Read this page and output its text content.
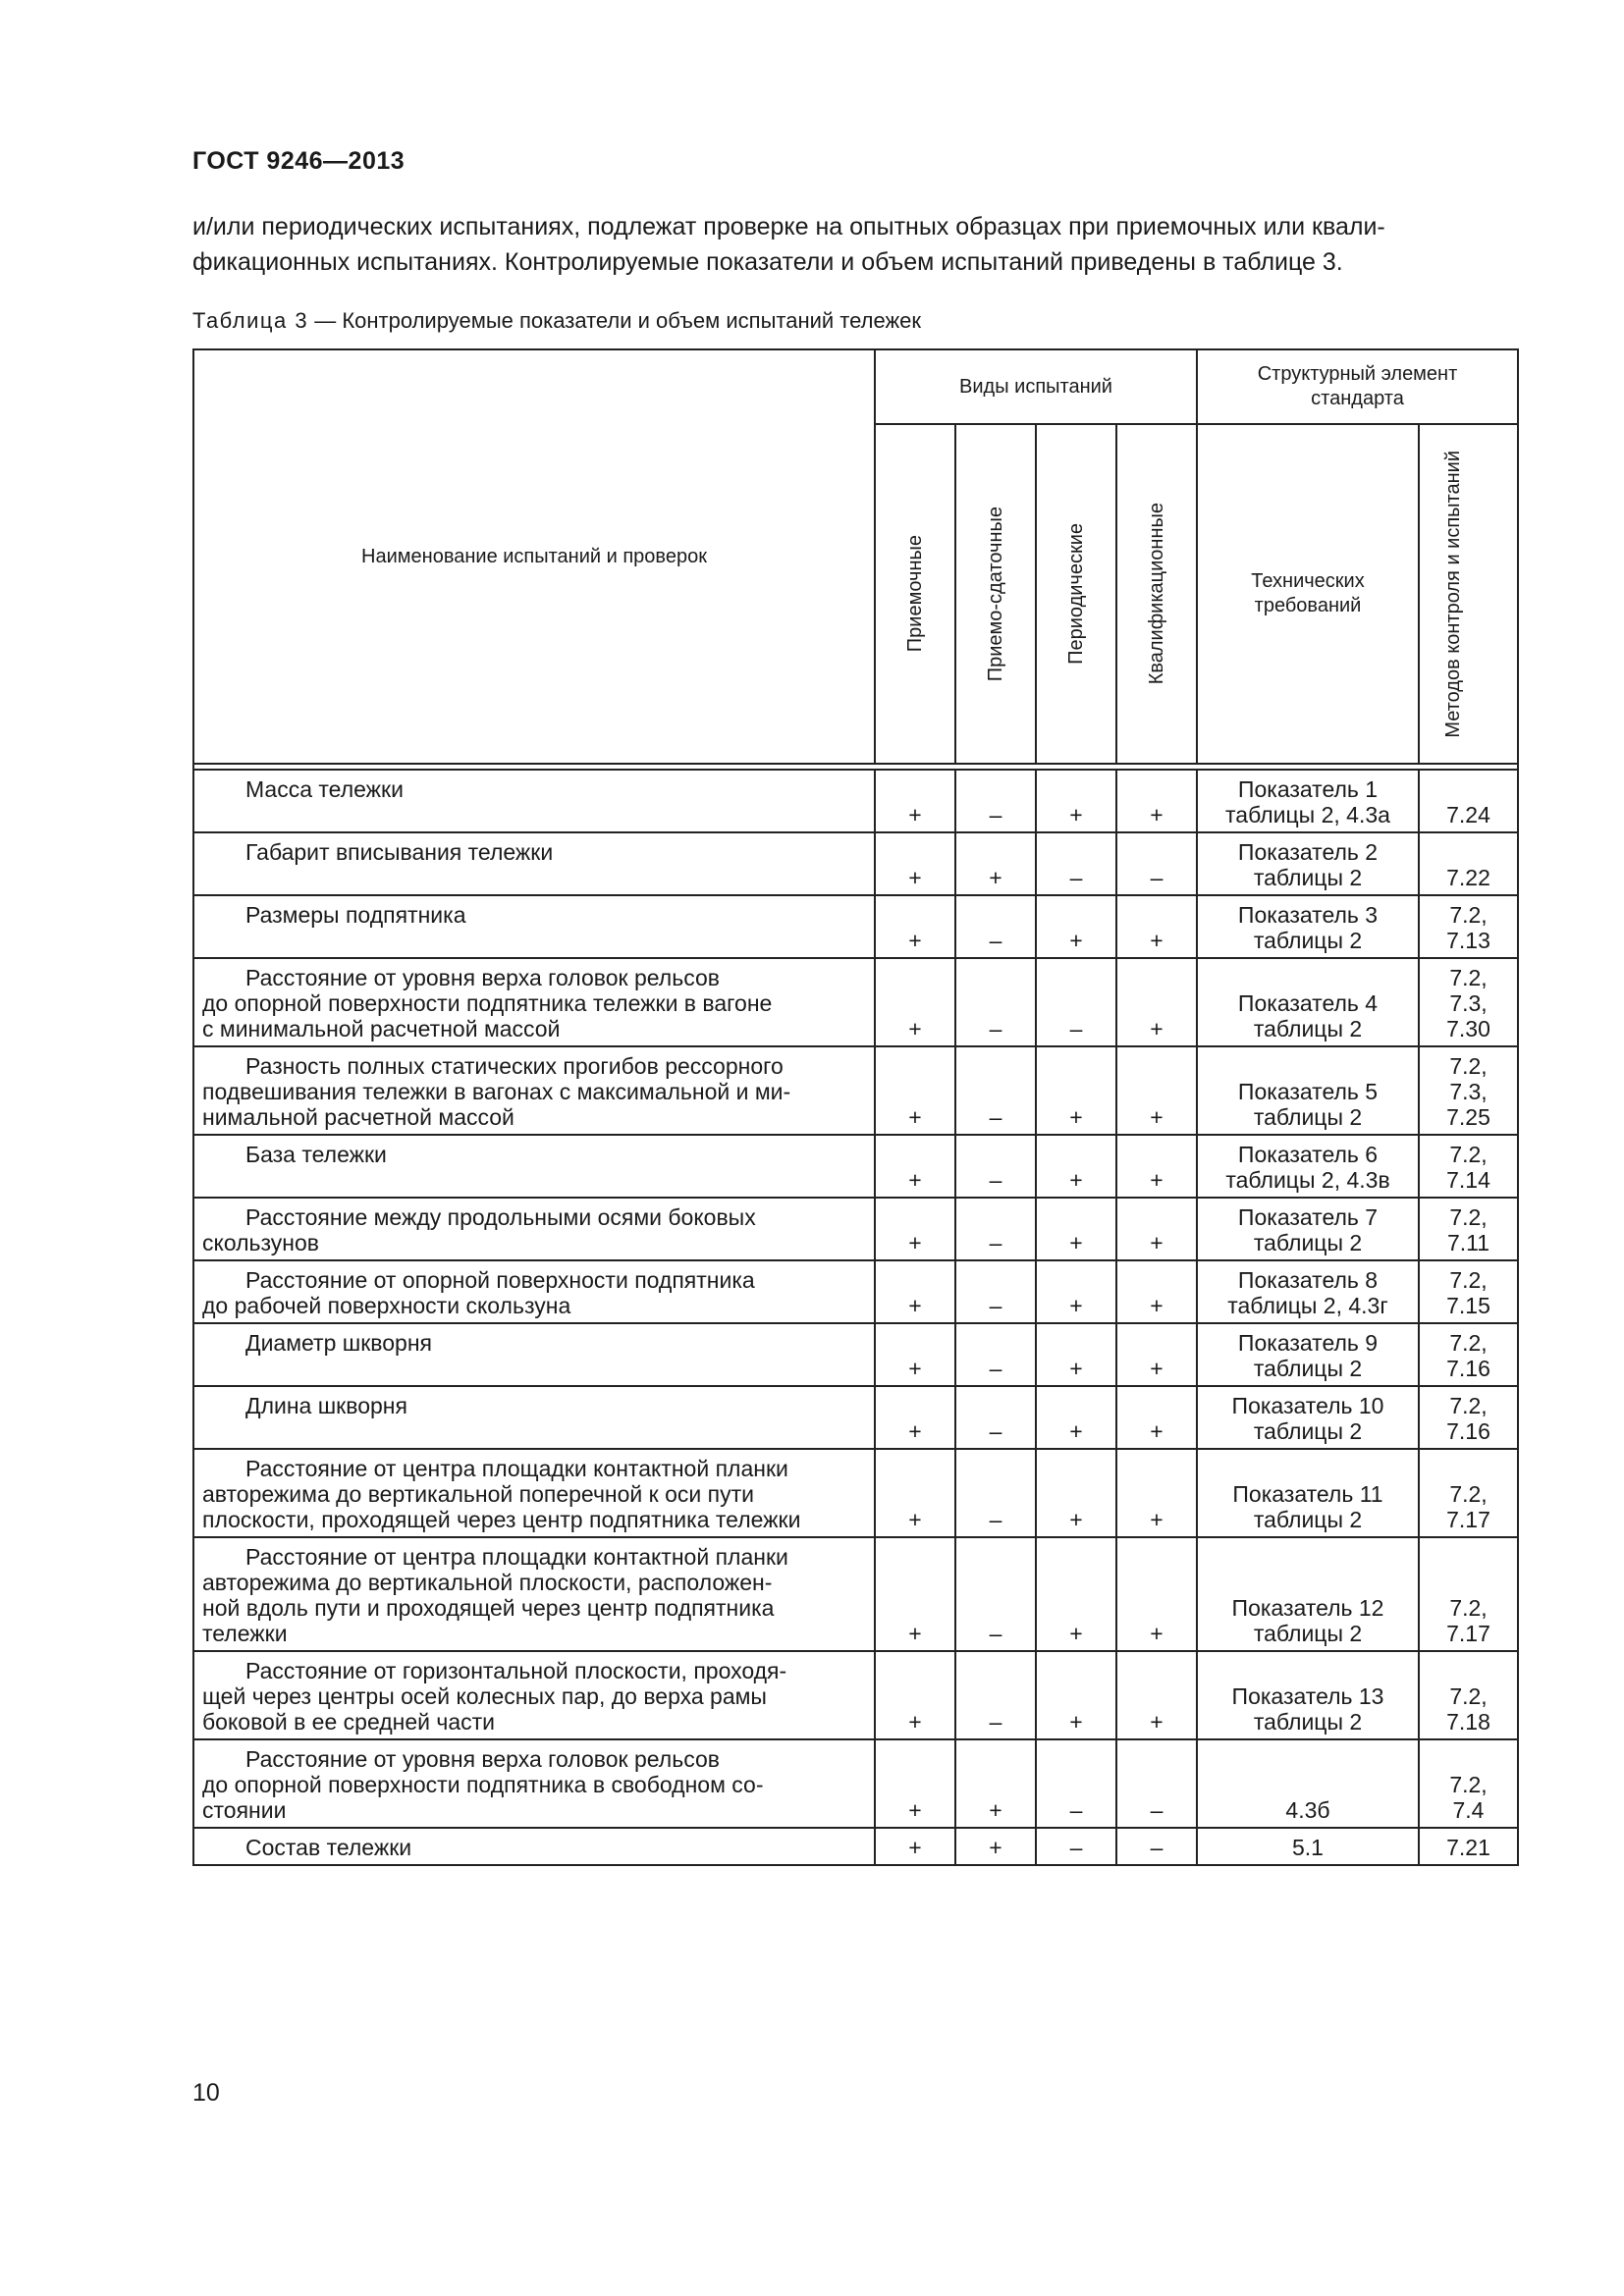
ГОСТ 9246—2013
и/или периодических испытаниях, подлежат проверке на опытных образцах при приемочных или квали-
фикационных испытаниях. Контролируемые показатели и объем испытаний приведены в таблице 3.
Таблица 3 — Контролируемые показатели и объем испытаний тележек
Наименование испытаний и проверок	Виды испытаний				Структурный элемент стандарта	

	Приемочные	Приемо-сдаточные	Периодические	Квалификационные	Технических требований	Методов контроля и испытаний

Масса тележки	+	–	+	+	Показатель 1
таблицы 2, 4.3а	7.24

Габарит вписывания тележки	+	+	–	–	Показатель 2
таблицы 2	7.22

Размеры подпятника	+	–	+	+	Показатель 3
таблицы 2	7.2,
7.13

Расстояние от уровня верха головок рельсов
до опорной поверхности подпятника тележки в вагоне
с минимальной расчетной массой	+	–	–	+	Показатель 4
таблицы 2	7.2,
7.3,
7.30

Разность полных статических прогибов рессорного
подвешивания тележки в вагонах с максимальной и ми-
нимальной расчетной массой	+	–	+	+	Показатель 5
таблицы 2	7.2,
7.3,
7.25

База тележки	+	–	+	+	Показатель 6
таблицы 2, 4.3в	7.2,
7.14

Расстояние между продольными осями боковых
скользунов	+	–	+	+	Показатель 7
таблицы 2	7.2,
7.11

Расстояние от опорной поверхности подпятника
до рабочей поверхности скользуна	+	–	+	+	Показатель 8
таблицы 2, 4.3г	7.2,
7.15

Диаметр шкворня	+	–	+	+	Показатель 9
таблицы 2	7.2,
7.16

Длина шкворня	+	–	+	+	Показатель 10
таблицы 2	7.2,
7.16

Расстояние от центра площадки контактной планки
авторежима до вертикальной поперечной к оси пути
плоскости, проходящей через центр подпятника тележки	+	–	+	+	Показатель 11
таблицы 2	7.2,
7.17

Расстояние от центра площадки контактной планки
авторежима до вертикальной плоскости, расположен-
ной вдоль пути и проходящей через центр подпятника
тележки	+	–	+	+	Показатель 12
таблицы 2	7.2,
7.17

Расстояние от горизонтальной плоскости, проходя-
щей через центры осей колесных пар, до верха рамы
боковой в ее средней части	+	–	+	+	Показатель 13
таблицы 2	7.2,
7.18

Расстояние от уровня верха головок рельсов
до опорной поверхности подпятника в свободном со-
стоянии	+	+	–	–	4.3б	7.2,
7.4

Состав тележки	+	+	–	–	5.1	7.21
10
